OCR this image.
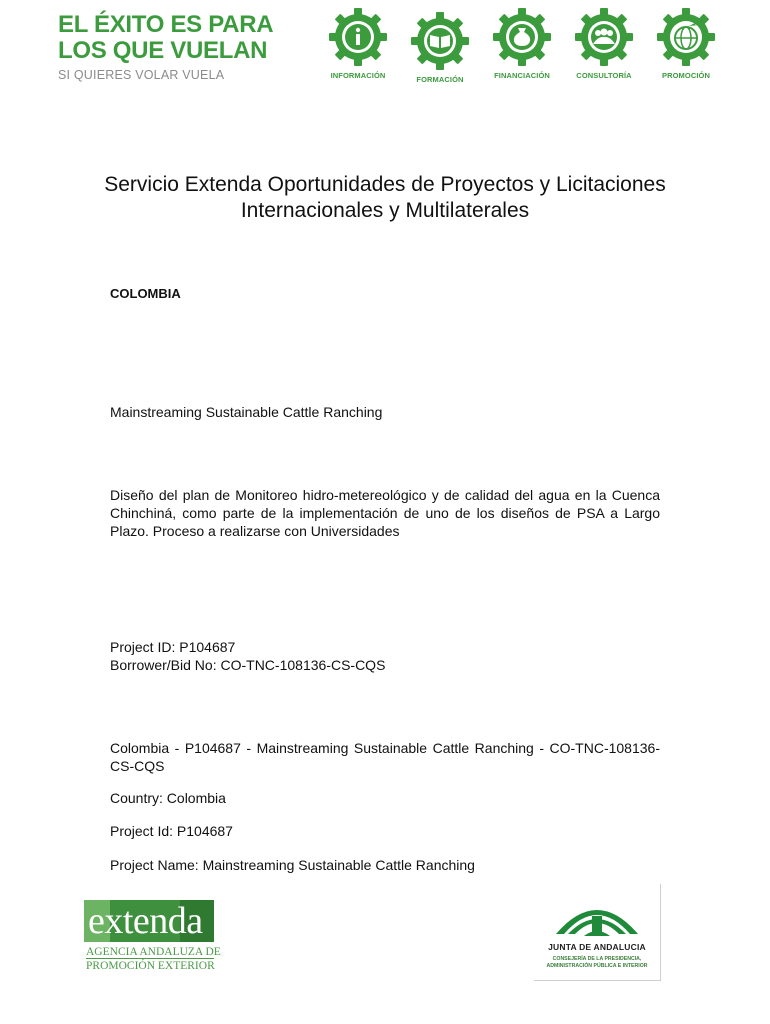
EL ÉXITO ES PARA
LOS QUE VUELAN
SI QUIERES VOLAR VUELA	INFORMACIÓN	FORMACIÓN	FINANCIACIÓN	CONSULTORÍA	PROMOCIÓN
Servicio Extenda Oportunidades de Proyectos y Licitaciones Internacionales y Multilaterales
COLOMBIA
Mainstreaming Sustainable Cattle Ranching
Diseño del plan de Monitoreo hidro-metereológico y de calidad del agua en la Cuenca Chinchiná, como parte de la implementación de uno de los diseños de PSA a Largo Plazo. Proceso a realizarse con Universidades
Project ID: P104687
Borrower/Bid No: CO-TNC-108136-CS-CQS
Colombia - P104687 - Mainstreaming Sustainable Cattle Ranching - CO-TNC-108136-CS-CQS
Country: Colombia
Project Id: P104687
Project Name: Mainstreaming Sustainable Cattle Ranching
extenda
AGENCIA ANDALUZA DE
PROMOCIÓN EXTERIOR
JUNTA DE ANDALUCIA
CONSEJERÍA DE LA PRESIDENCIA,
ADMINISTRACIÓN PÚBLICA E INTERIOR
